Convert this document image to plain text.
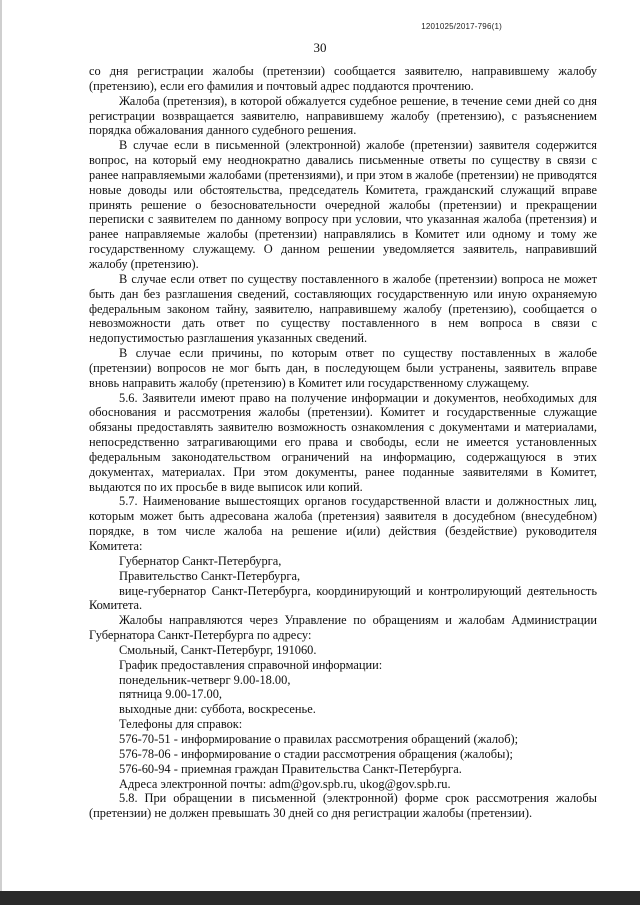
1201025/2017-796(1)
30

со дня регистрации жалобы (претензии) сообщается заявителю, направившему жалобу (претензию), если его фамилия и почтовый адрес поддаются прочтению.

Жалоба (претензия), в которой обжалуется судебное решение, в течение семи дней со дня регистрации возвращается заявителю, направившему жалобу (претензию), с разъяснением порядка обжалования данного судебного решения.

В случае если в письменной (электронной) жалобе (претензии) заявителя содержится вопрос, на который ему неоднократно давались письменные ответы по существу в связи с ранее направляемыми жалобами (претензиями), и при этом в жалобе (претензии) не приводятся новые доводы или обстоятельства, председатель Комитета, гражданский служащий вправе принять решение о безосновательности очередной жалобы (претензии) и прекращении переписки с заявителем по данному вопросу при условии, что указанная жалоба (претензия) и ранее направляемые жалобы (претензии) направлялись в Комитет или одному и тому же государственному служащему. О данном решении уведомляется заявитель, направивший жалобу (претензию).

В случае если ответ по существу поставленного в жалобе (претензии) вопроса не может быть дан без разглашения сведений, составляющих государственную или иную охраняемую федеральным законом тайну, заявителю, направившему жалобу (претензию), сообщается о невозможности дать ответ по существу поставленного в нем вопроса в связи с недопустимостью разглашения указанных сведений.

В случае если причины, по которым ответ по существу поставленных в жалобе (претензии) вопросов не мог быть дан, в последующем были устранены, заявитель вправе вновь направить жалобу (претензию) в Комитет или государственному служащему.

5.6. Заявители имеют право на получение информации и документов, необходимых для обоснования и рассмотрения жалобы (претензии). Комитет и государственные служащие обязаны предоставлять заявителю возможность ознакомления с документами и материалами, непосредственно затрагивающими его права и свободы, если не имеется установленных федеральным законодательством ограничений на информацию, содержащуюся в этих документах, материалах. При этом документы, ранее поданные заявителями в Комитет, выдаются по их просьбе в виде выписок или копий.

5.7. Наименование вышестоящих органов государственной власти и должностных лиц, которым может быть адресована жалоба (претензия) заявителя в досудебном (внесудебном) порядке, в том числе жалоба на решение и(или) действия (бездействие) руководителя Комитета:

Губернатор Санкт-Петербурга,

Правительство Санкт-Петербурга,

вице-губернатор Санкт-Петербурга, координирующий и контролирующий деятельность Комитета.

Жалобы направляются через Управление по обращениям и жалобам Администрации Губернатора Санкт-Петербурга по адресу:

Смольный, Санкт-Петербург, 191060.

График предоставления справочной информации:

понедельник-четверг 9.00-18.00,

пятница 9.00-17.00,

выходные дни: суббота, воскресенье.

Телефоны для справок:

576-70-51 - информирование о правилах рассмотрения обращений (жалоб);

576-78-06 - информирование о стадии рассмотрения обращения (жалобы);

576-60-94 - приемная граждан Правительства Санкт-Петербурга.

Адреса электронной почты: adm@gov.spb.ru, ukog@gov.spb.ru.

5.8. При обращении в письменной (электронной) форме срок рассмотрения жалобы (претензии) не должен превышать 30 дней со дня регистрации жалобы (претензии).
